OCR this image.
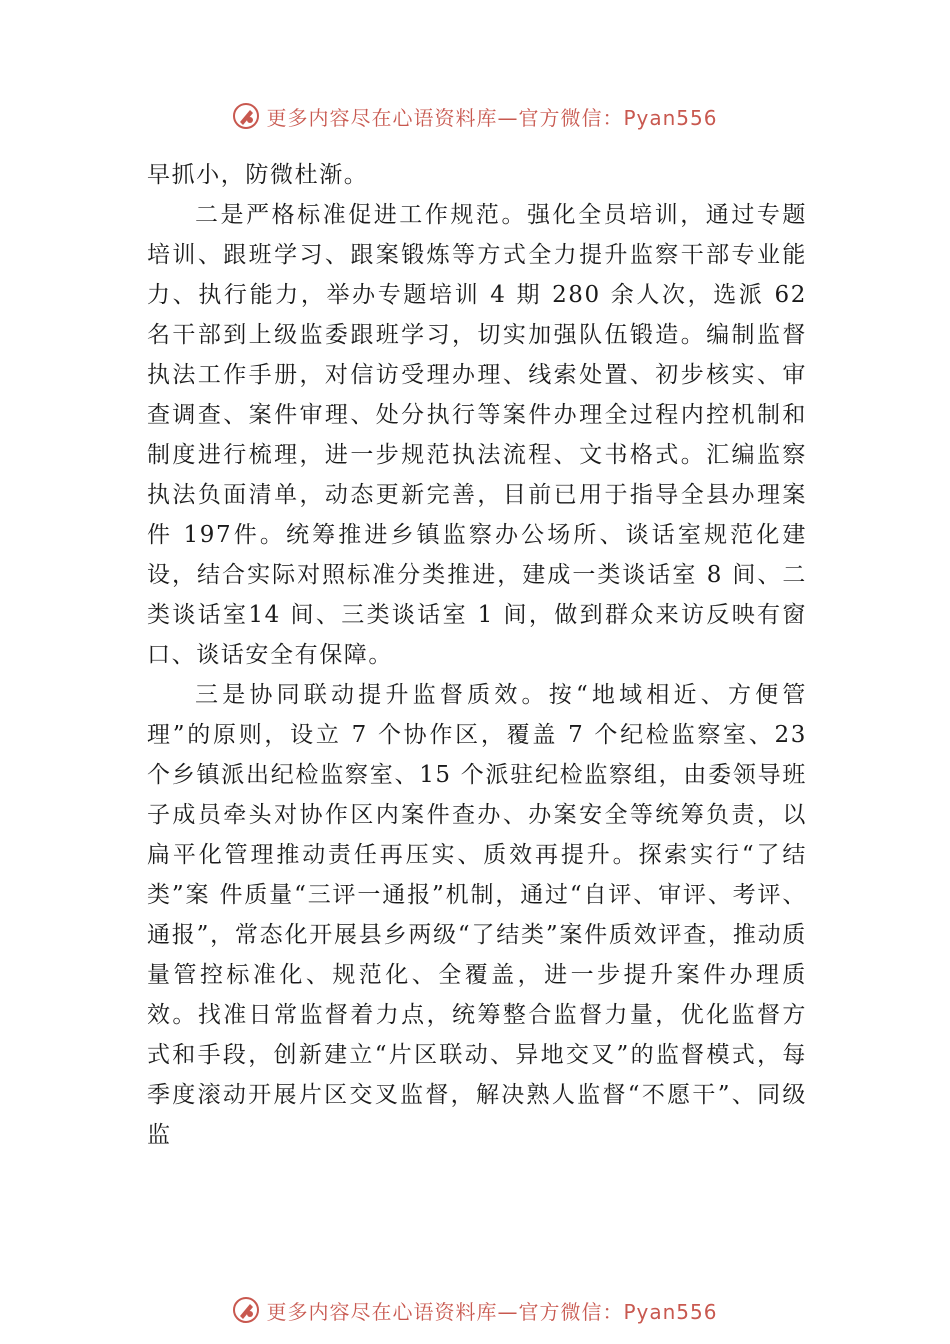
更多内容尽在心语资料库—官方微信：Pyan556

早抓小，防微杜渐。

二是严格标准促进工作规范。强化全员培训，通过专题培训、跟班学习、跟案锻炼等方式全力提升监察干部专业能力、执行能力，举办专题培训 4 期 280 余人次，选派 62 名干部到上级监委跟班学习，切实加强队伍锻造。编制监督执法工作手册，对信访受理办理、线索处置、初步核实、审查调查、案件审理、处分执行等案件办理全过程内控机制和制度进行梳理，进一步规范执法流程、文书格式。汇编监察执法负面清单，动态更新完善，目前已用于指导全县办理案件 197件。统筹推进乡镇监察办公场所、谈话室规范化建设，结合实际对照标准分类推进，建成一类谈话室 8 间、二类谈话室14 间、三类谈话室 1 间，做到群众来访反映有窗口、谈话安全有保障。

三是协同联动提升监督质效。按“地域相近、方便管理”的原则，设立 7 个协作区，覆盖 7 个纪检监察室、23 个乡镇派出纪检监察室、15 个派驻纪检监察组，由委领导班子成员牵头对协作区内案件查办、办案安全等统筹负责，以扁平化管理推动责任再压实、质效再提升。探索实行“了结类”案 件质量“三评一通报”机制，通过“自评、审评、考评、通报”，常态化开展县乡两级“了结类”案件质效评查，推动质量管控标准化、规范化、全覆盖，进一步提升案件办理质效。找准日常监督着力点，统筹整合监督力量，优化监督方式和手段，创新建立“片区联动、异地交叉”的监督模式，每季度滚动开展片区交叉监督，解决熟人监督“不愿干”、同级监

更多内容尽在心语资料库—官方微信：Pyan556
